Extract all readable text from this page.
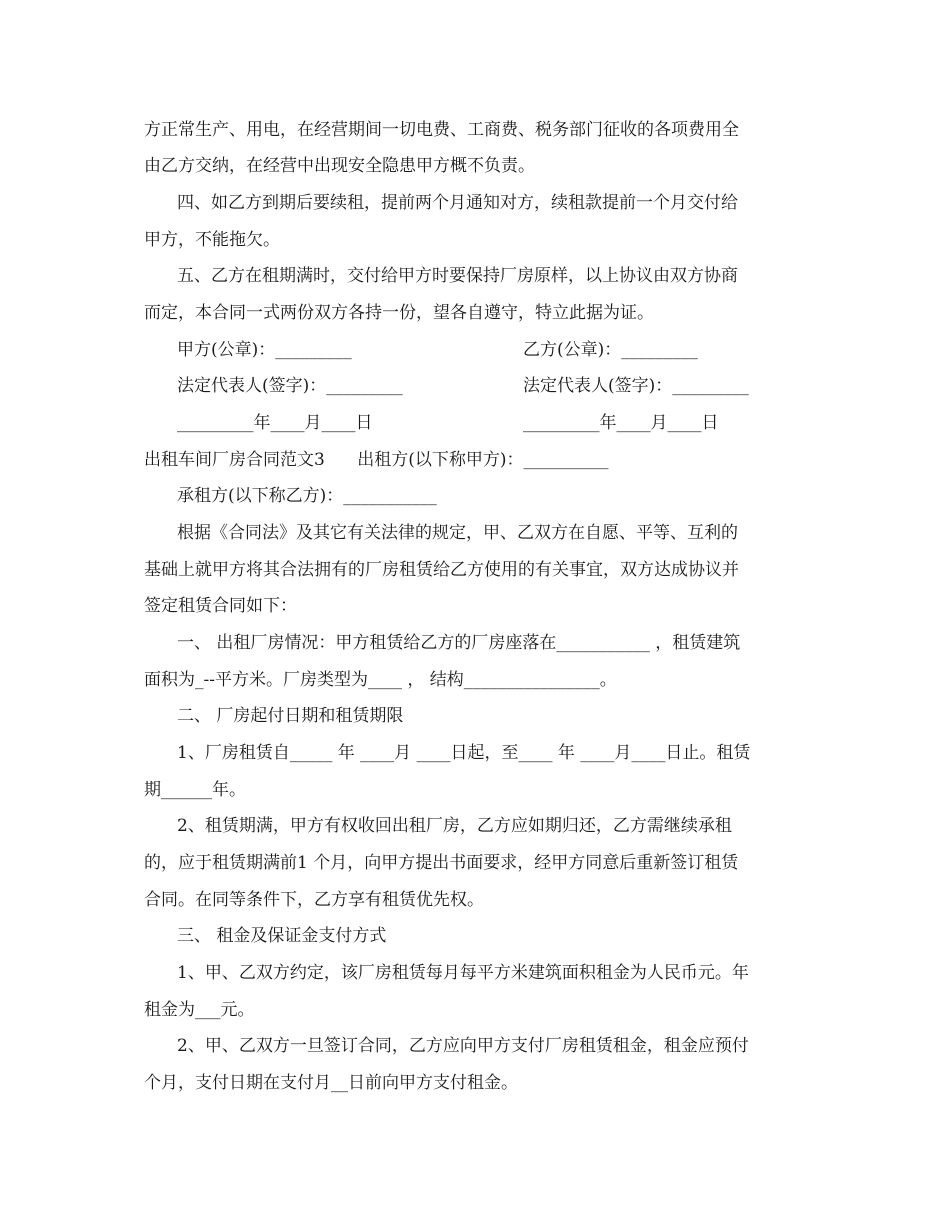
方正常生产、用电，在经营期间一切电费、工商费、税务部门征收的各项费用全
由乙方交纳，在经营中出现安全隐患甲方概不负责。
四、如乙方到期后要续租，提前两个月通知对方，续租款提前一个月交付给
甲方，不能拖欠。
五、乙方在租期满时，交付给甲方时要保持厂房原样，以上协议由双方协商
而定，本合同一式两份双方各持一份，望各自遵守，特立此据为证。
甲方(公章)：_________	乙方(公章)：_________
法定代表人(签字)：_________	法定代表人(签字)：_________
_________年____月____日	_________年____月____日
出租车间厂房合同范文3      出租方(以下称甲方)：__________
承租方(以下称乙方)：___________
根据《合同法》及其它有关法律的规定，甲、乙双方在自愿、平等、互利的
基础上就甲方将其合法拥有的厂房租赁给乙方使用的有关事宜，双方达成协议并
签定租赁合同如下：
一、 出租厂房情况：甲方租赁给乙方的厂房座落在___________ ，租赁建筑
面积为_--平方米。厂房类型为____ ， 结构________________。
二、 厂房起付日期和租赁期限
1、厂房租赁自_____ 年 ____月 ____日起，至____ 年 ____月____日止。租赁
期______年。
2、租赁期满，甲方有权收回出租厂房，乙方应如期归还，乙方需继续承租
的，应于租赁期满前1 个月，向甲方提出书面要求，经甲方同意后重新签订租赁
合同。在同等条件下，乙方享有租赁优先权。
三、 租金及保证金支付方式
1、甲、乙双方约定，该厂房租赁每月每平方米建筑面积租金为人民币元。年
租金为___元。
2、甲、乙双方一旦签订合同，乙方应向甲方支付厂房租赁租金，租金应预付
个月，支付日期在支付月__日前向甲方支付租金。
